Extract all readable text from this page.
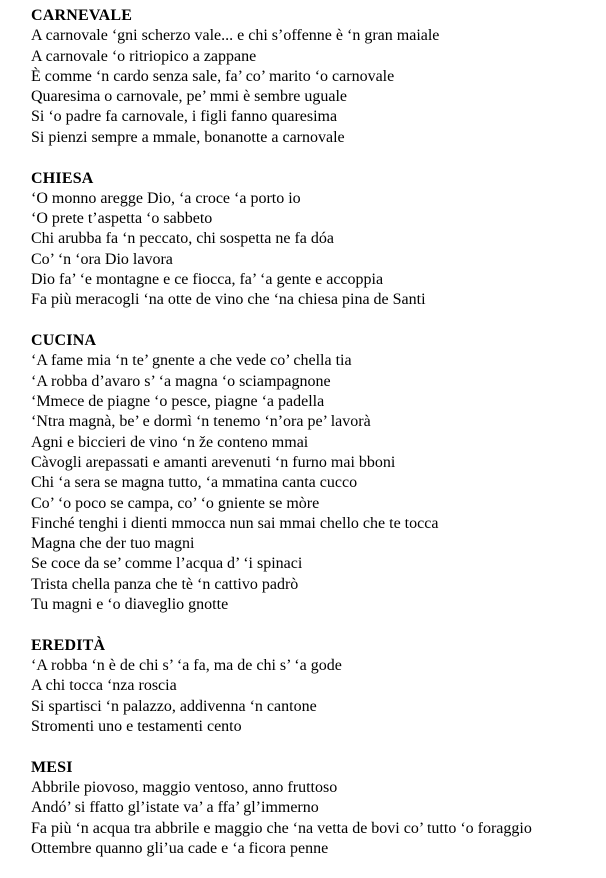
CARNEVALE
A carnovale ‘gni scherzo vale... e chi s’offenne è ‘n gran maiale
A carnovale ‘o ritriopico a zappane
È comme ‘n cardo senza sale, fa’ co’ marito ‘o carnovale
Quaresima o carnovale, pe’ mmi è sembre uguale
Si ‘o padre fa carnovale, i figli fanno quaresima
Si pienzi sempre a mmale, bonanotte a carnovale
CHIESA
‘O monno aregge Dio, ‘a croce ‘a porto io
‘O prete t’aspetta ‘o sabbeto
Chi arubba fa ‘n peccato, chi sospetta ne fa dóa
Co’ ‘n ‘ora Dio lavora
Dio fa’ ‘e montagne e ce fiocca, fa’ ‘a gente e accoppia
Fa più meracogli ‘na otte de vino che ‘na chiesa pina de Santi
CUCINA
‘A fame mia ‘n te’ gnente a che vede co’ chella tia
‘A robba d’avaro s’ ‘a magna ‘o sciampagnone
‘Mmece de piagne ‘o pesce, piagne ‘a padella
‘Ntra magnà, be’ e dormì ‘n tenemo ‘n’ora pe’ lavorà
Agni e biccieri de vino ‘n že conteno mmai
Càvogli arepassati e amanti arevenuti ‘n furno mai bboni
Chi ‘a sera se magna tutto, ‘a mmatina canta cucco
Co’ ‘o poco se campa, co’ ‘o gniente se mòre
Finché tenghi i dienti mmocca nun sai mmai chello che te tocca
Magna che der tuo magni
Se coce da se’ comme l’acqua d’ ‘i spinaci
Trista chella panza che tè ‘n cattivo padrò
Tu magni e ‘o diaveglio gnotte
EREDITÀ
‘A robba ‘n è de chi s’ ‘a fa, ma de chi s’ ‘a gode
A chi tocca ‘nza roscia
Si spartisci ‘n palazzo, addivenna ‘n cantone
Stromenti uno e testamenti cento
MESI
Abbrile piovoso, maggio ventoso, anno fruttoso
Andó’ si ffatto gl’istate va’ a ffa’ gl’immerno
Fa più ‘n acqua tra abbrile e maggio che ‘na vetta de bovi co’ tutto ‘o foraggio
Ottembre quanno gli’ua cade e ‘a ficora penne
